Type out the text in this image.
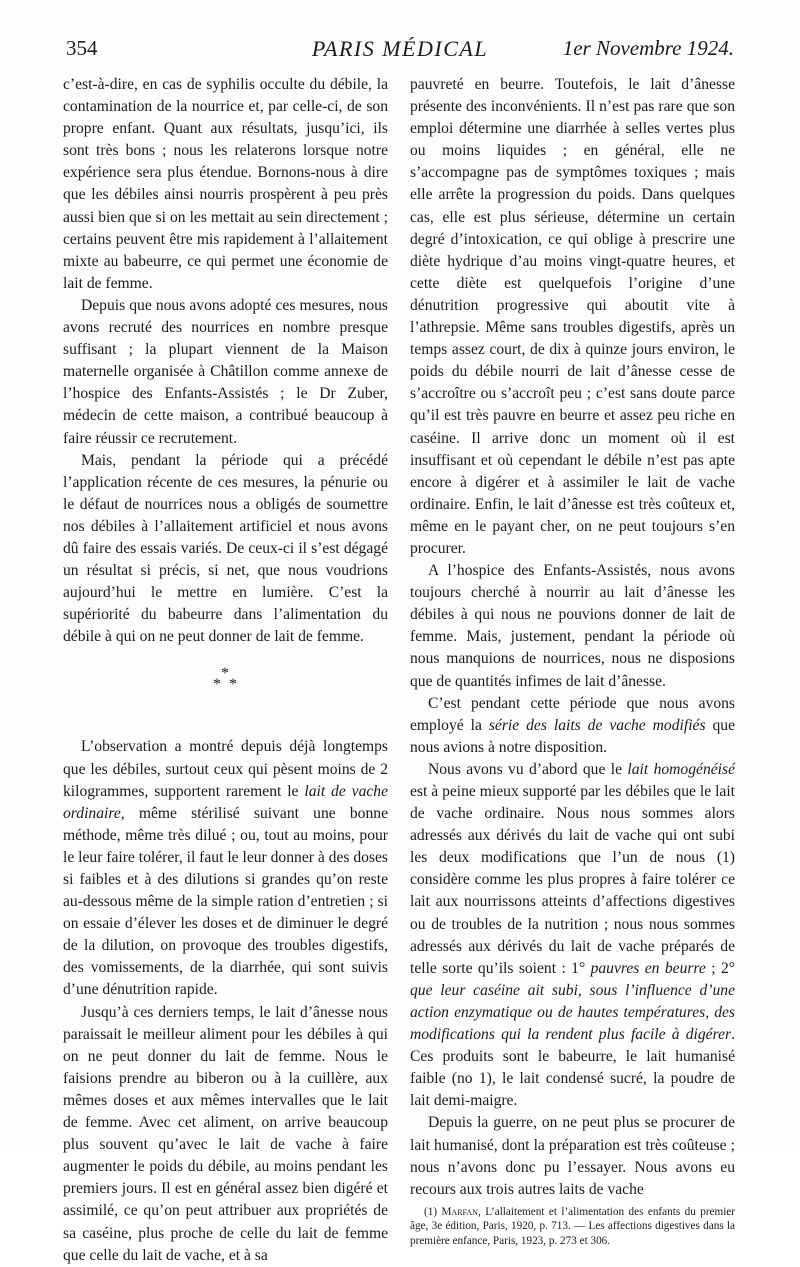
354	PARIS MÉDICAL	1er Novembre 1924.

c’est-à-dire, en cas de syphilis occulte du débile, la contamination de la nourrice et, par celle-ci, de son propre enfant. Quant aux résultats, jusqu’ici, ils sont très bons ; nous les relaterons lorsque notre expérience sera plus étendue. Bornons-nous à dire que les débiles ainsi nourris prospèrent à peu près aussi bien que si on les mettait au sein directement ; certains peuvent être mis rapidement à l’allaitement mixte au babeurre, ce qui permet une économie de lait de femme.

Depuis que nous avons adopté ces mesures, nous avons recruté des nourrices en nombre presque suffisant ; la plupart viennent de la Maison maternelle organisée à Châtillon comme annexe de l’hospice des Enfants-Assistés ; le Dr Zuber, médecin de cette maison, a contribué beaucoup à faire réussir ce recrutement.

Mais, pendant la période qui a précédé l’application récente de ces mesures, la pénurie ou le défaut de nourrices nous a obligés de soumettre nos débiles à l’allaitement artificiel et nous avons dû faire des essais variés. De ceux-ci il s’est dégagé un résultat si précis, si net, que nous voudrions aujourd’hui le mettre en lumière. C’est la supériorité du babeurre dans l’alimentation du débile à qui on ne peut donner de lait de femme.

*
* *

L’observation a montré depuis déjà longtemps que les débiles, surtout ceux qui pèsent moins de 2 kilogrammes, supportent rarement le lait de vache ordinaire, même stérilisé suivant une bonne méthode, même très dilué ; ou, tout au moins, pour le leur faire tolérer, il faut le leur donner à des doses si faibles et à des dilutions si grandes qu’on reste au-dessous même de la simple ration d’entretien ; si on essaie d’élever les doses et de diminuer le degré de la dilution, on provoque des troubles digestifs, des vomissements, de la diarrhée, qui sont suivis d’une dénutrition rapide.

Jusqu’à ces derniers temps, le lait d’ânesse nous paraissait le meilleur aliment pour les débiles à qui on ne peut donner du lait de femme. Nous le faisions prendre au biberon ou à la cuillère, aux mêmes doses et aux mêmes intervalles que le lait de femme. Avec cet aliment, on arrive beaucoup plus souvent qu’avec le lait de vache à faire augmenter le poids du débile, au moins pendant les premiers jours. Il est en général assez bien digéré et assimilé, ce qu’on peut attribuer aux propriétés de sa caséine, plus proche de celle du lait de femme que celle du lait de vache, et à sa

pauvreté en beurre. Toutefois, le lait d’ânesse présente des inconvénients. Il n’est pas rare que son emploi détermine une diarrhée à selles vertes plus ou moins liquides ; en général, elle ne s’accompagne pas de symptômes toxiques ; mais elle arrête la progression du poids. Dans quelques cas, elle est plus sérieuse, détermine un certain degré d’intoxication, ce qui oblige à prescrire une diète hydrique d’au moins vingt-quatre heures, et cette diète est quelquefois l’origine d’une dénutrition progressive qui aboutit vite à l’athrepsie. Même sans troubles digestifs, après un temps assez court, de dix à quinze jours environ, le poids du débile nourri de lait d’ânesse cesse de s’accroître ou s’accroît peu ; c’est sans doute parce qu’il est très pauvre en beurre et assez peu riche en caséine. Il arrive donc un moment où il est insuffisant et où cependant le débile n’est pas apte encore à digérer et à assimiler le lait de vache ordinaire. Enfin, le lait d’ânesse est très coûteux et, même en le payant cher, on ne peut toujours s’en procurer.

A l’hospice des Enfants-Assistés, nous avons toujours cherché à nourrir au lait d’ânesse les débiles à qui nous ne pouvions donner de lait de femme. Mais, justement, pendant la période où nous manquions de nourrices, nous ne disposions que de quantités infimes de lait d’ânesse.

C’est pendant cette période que nous avons employé la série des laits de vache modifiés que nous avions à notre disposition.

Nous avons vu d’abord que le lait homogénéisé est à peine mieux supporté par les débiles que le lait de vache ordinaire. Nous nous sommes alors adressés aux dérivés du lait de vache qui ont subi les deux modifications que l’un de nous (1) considère comme les plus propres à faire tolérer ce lait aux nourrissons atteints d’affections digestives ou de troubles de la nutrition ; nous nous sommes adressés aux dérivés du lait de vache préparés de telle sorte qu’ils soient : 1° pauvres en beurre ; 2° que leur caséine ait subi, sous l’influence d’une action enzymatique ou de hautes températures, des modifications qui la rendent plus facile à digérer. Ces produits sont le babeurre, le lait humanisé faible (no 1), le lait condensé sucré, la poudre de lait demi-maigre.

Depuis la guerre, on ne peut plus se procurer de lait humanisé, dont la préparation est très coûteuse ; nous n’avons donc pu l’essayer. Nous avons eu recours aux trois autres laits de vache

(1) Marfan, L’allaitement et l’alimentation des enfants du premier âge, 3e édition, Paris, 1920, p. 713. — Les affections digestives dans la première enfance, Paris, 1923, p. 273 et 306.
